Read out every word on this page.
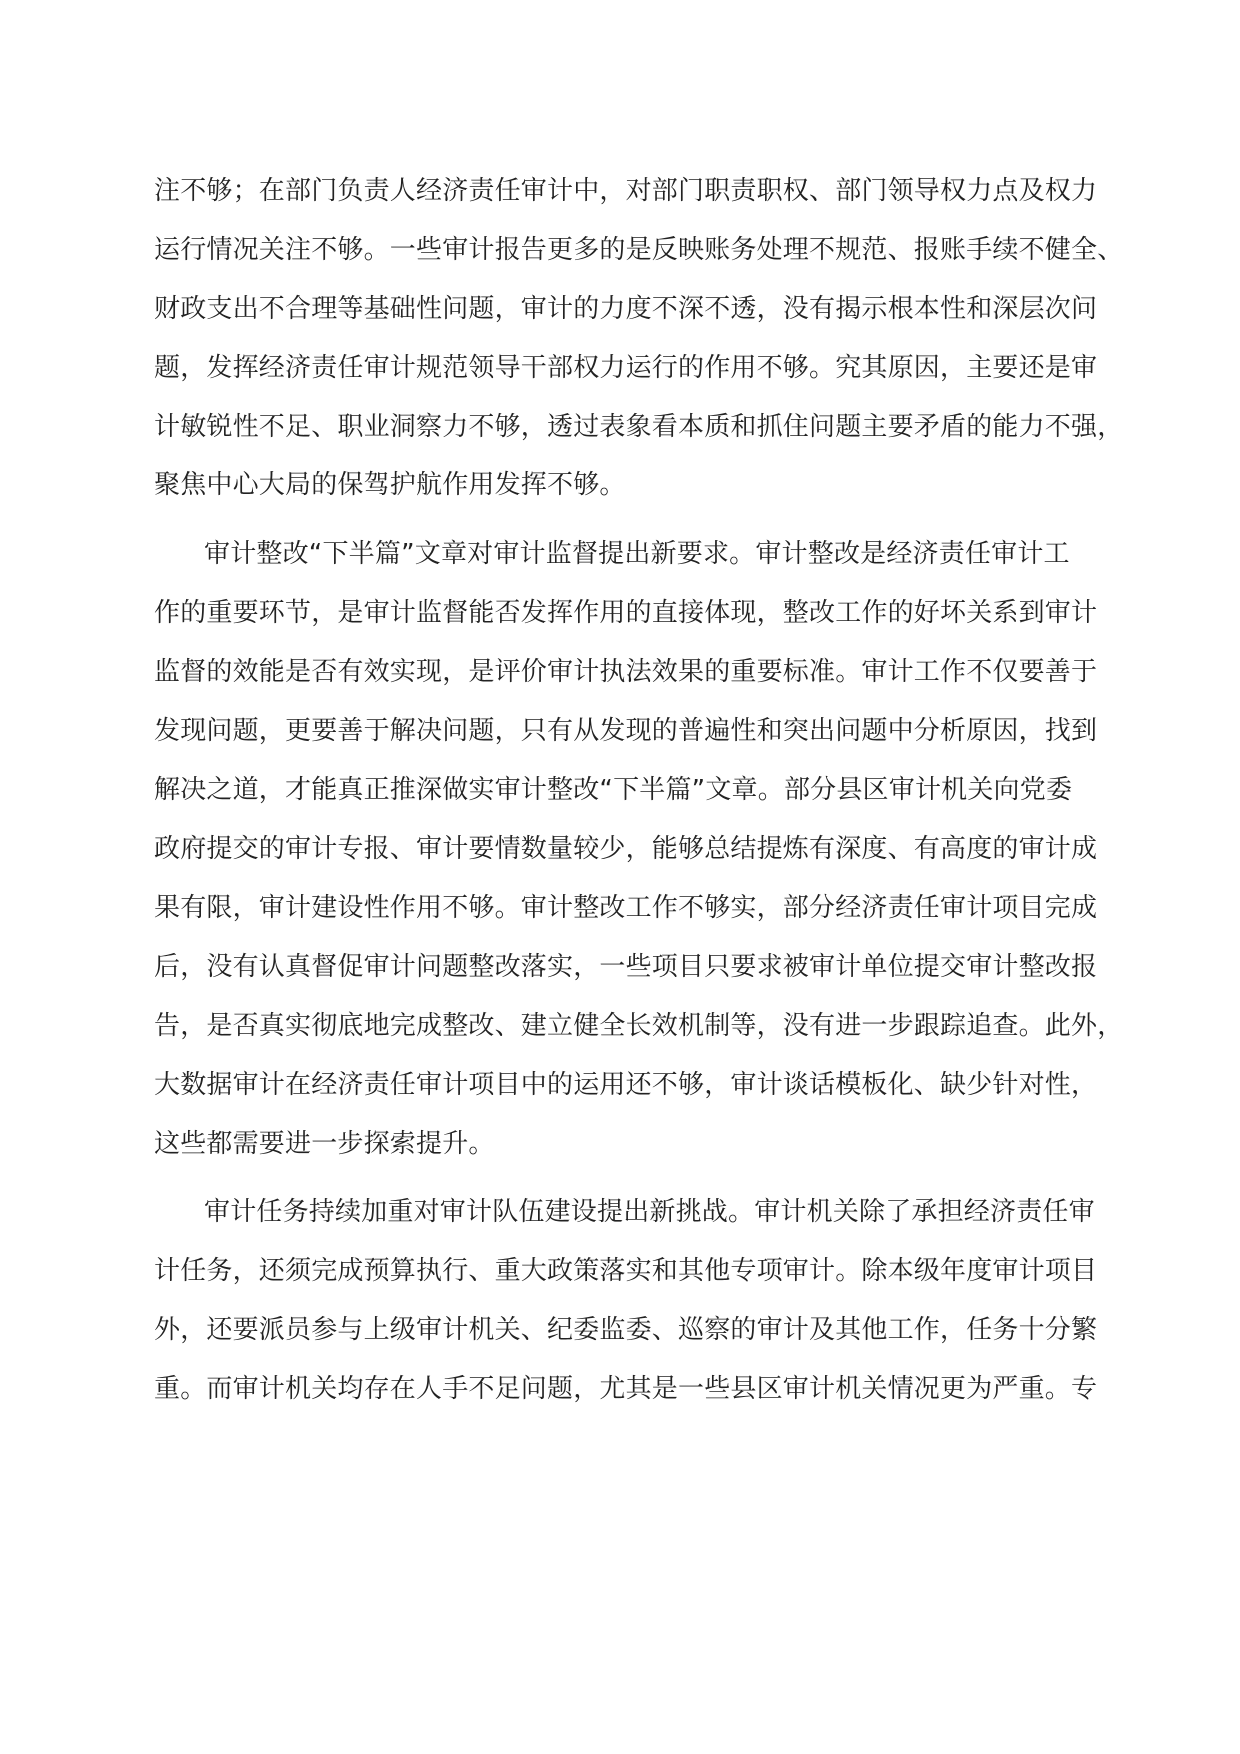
注不够；在部门负责人经济责任审计中，对部门职责职权、部门领导权力点及权力
运行情况关注不够。一些审计报告更多的是反映账务处理不规范、报账手续不健全、
财政支出不合理等基础性问题，审计的力度不深不透，没有揭示根本性和深层次问
题，发挥经济责任审计规范领导干部权力运行的作用不够。究其原因，主要还是审
计敏锐性不足、职业洞察力不够，透过表象看本质和抓住问题主要矛盾的能力不强，
聚焦中心大局的保驾护航作用发挥不够。
审计整改“下半篇”文章对审计监督提出新要求。审计整改是经济责任审计工
作的重要环节，是审计监督能否发挥作用的直接体现，整改工作的好坏关系到审计
监督的效能是否有效实现，是评价审计执法效果的重要标准。审计工作不仅要善于
发现问题，更要善于解决问题，只有从发现的普遍性和突出问题中分析原因，找到
解决之道，才能真正推深做实审计整改“下半篇”文章。部分县区审计机关向党委
政府提交的审计专报、审计要情数量较少，能够总结提炼有深度、有高度的审计成
果有限，审计建设性作用不够。审计整改工作不够实，部分经济责任审计项目完成
后，没有认真督促审计问题整改落实，一些项目只要求被审计单位提交审计整改报
告，是否真实彻底地完成整改、建立健全长效机制等，没有进一步跟踪追查。此外，
大数据审计在经济责任审计项目中的运用还不够，审计谈话模板化、缺少针对性，
这些都需要进一步探索提升。
审计任务持续加重对审计队伍建设提出新挑战。审计机关除了承担经济责任审
计任务，还须完成预算执行、重大政策落实和其他专项审计。除本级年度审计项目
外，还要派员参与上级审计机关、纪委监委、巡察的审计及其他工作，任务十分繁
重。而审计机关均存在人手不足问题，尤其是一些县区审计机关情况更为严重。专
